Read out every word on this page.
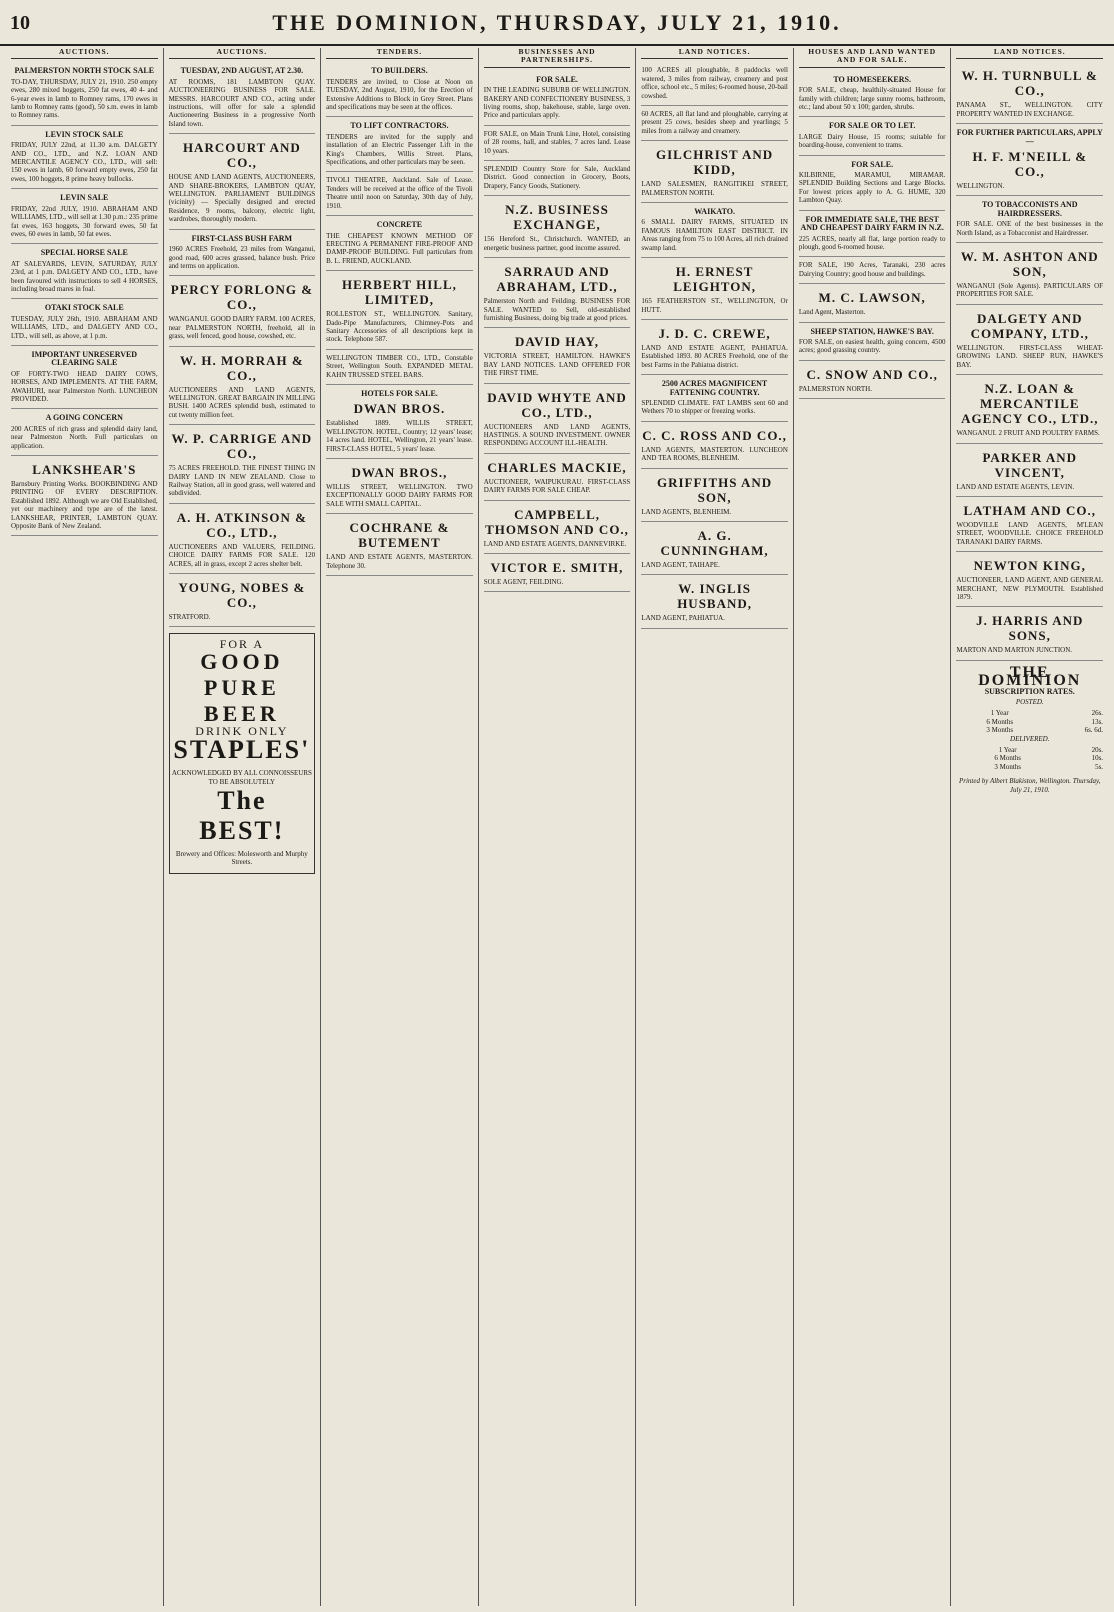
10	THE DOMINION, THURSDAY, JULY 21, 1910.
AUCTIONS.
PALMERSTON NORTH STOCK SALE
TO-DAY, THURSDAY, JULY 21, 1910. 250 empty ewes, 280 mixed hoggets, 250 fat ewes, 40 4- and 6-year ewes in lamb to Romney rams, 170 ewes in lamb to Romney rams (good), 50 s.m. ewes in lamb to Romney rams.
LEVIN STOCK SALE
FRIDAY, JULY 22nd, at 11.30 a.m. DALGETY AND CO., LTD., and N.Z. LOAN AND MERCANTILE AGENCY CO., LTD., will sell: 150 ewes in lamb, 60 forward empty ewes, 250 fat ewes, 100 hoggets, 8 prime heavy bullocks.
LEVIN SALE
FRIDAY, 22nd JULY, 1910. ABRAHAM AND WILLIAMS, LTD., will sell at 1.30 p.m.: 235 prime fat ewes, 163 hoggets, 30 forward ewes, 50 fat ewes, 60 ewes in lamb, 50 fat ewes.
SPECIAL HORSE SALE
AT SALEYARDS, LEVIN, SATURDAY, JULY 23rd, at 1 p.m. DALGETY AND CO., LTD., have been favoured with instructions to sell 4 HORSES, including broad mares in foal.
OTAKI STOCK SALE
TUESDAY, JULY 26th, 1910. ABRAHAM AND WILLIAMS, LTD., and DALGETY AND CO., LTD., will sell, as above, at 1 p.m.
IMPORTANT UNRESERVED CLEARING SALE
OF FORTY-TWO HEAD DAIRY COWS, HORSES, AND IMPLEMENTS. AT THE FARM, AWAHURI, near Palmerston North. LUNCHEON PROVIDED.
A GOING CONCERN
200 ACRES of rich grass and splendid dairy land, near Palmerston North. Full particulars on application.
LANKSHEAR'S
Barnsbury Printing Works. BOOKBINDING AND PRINTING OF EVERY DESCRIPTION. Established 1892. Although we are Old Established, yet our machinery and type are of the latest. LANKSHEAR, PRINTER, LAMBTON QUAY. Opposite Bank of New Zealand.
AUCTIONS.
TUESDAY, 2ND AUGUST, AT 2.30.
AT ROOMS, 181 LAMBTON QUAY. AUCTIONEERING BUSINESS FOR SALE. MESSRS. HARCOURT AND CO., acting under instructions, will offer for sale a splendid Auctioneering Business in a progressive North Island town.
HARCOURT AND CO.,
HOUSE AND LAND AGENTS, AUCTIONEERS, AND SHARE-BROKERS, LAMBTON QUAY, WELLINGTON. PARLIAMENT BUILDINGS (vicinity) — Specially designed and erected Residence, 9 rooms, balcony, electric light, wardrobes, thoroughly modern.
FIRST-CLASS BUSH FARM
1960 ACRES Freehold, 23 miles from Wanganui, good road, 600 acres grassed, balance bush. Price and terms on application.
PERCY FORLONG & CO.,
WANGANUI. GOOD DAIRY FARM. 100 ACRES, near PALMERSTON NORTH, freehold, all in grass, well fenced, good house, cowshed, etc.
W. H. MORRAH & CO.,
AUCTIONEERS AND LAND AGENTS, WELLINGTON. GREAT BARGAIN IN MILLING BUSH. 1400 ACRES splendid bush, estimated to cut twenty million feet.
W. P. CARRIGE AND CO.,
75 ACRES FREEHOLD. THE FINEST THING IN DAIRY LAND IN NEW ZEALAND. Close to Railway Station, all in good grass, well watered and subdivided.
A. H. ATKINSON & CO., LTD.,
AUCTIONEERS AND VALUERS, FEILDING. CHOICE DAIRY FARMS FOR SALE. 120 ACRES, all in grass, except 2 acres shelter belt.
YOUNG, NOBES & CO.,
STRATFORD.
FOR A
GOOD PURE BEER
DRINK ONLY
STAPLES'
ACKNOWLEDGED BY ALL CONNOISSEURS TO BE ABSOLUTELY
The BEST!
Brewery and Offices: Molesworth and Murphy Streets.
TENDERS.
TO BUILDERS.
TENDERS are invited, to Close at Noon on TUESDAY, 2nd August, 1910, for the Erection of Extensive Additions to Block in Grey Street. Plans and specifications may be seen at the offices.
TO LIFT CONTRACTORS.
TENDERS are invited for the supply and installation of an Electric Passenger Lift in the King's Chambers, Willis Street. Plans, Specifications, and other particulars may be seen.
TIVOLI THEATRE, Auckland. Sale of Lease. Tenders will be received at the office of the Tivoli Theatre until noon on Saturday, 30th day of July, 1910.
CONCRETE
THE CHEAPEST KNOWN METHOD OF ERECTING A PERMANENT FIRE-PROOF AND DAMP-PROOF BUILDING. Full particulars from B. L. FRIEND, AUCKLAND.
HERBERT HILL, LIMITED,
ROLLESTON ST., WELLINGTON. Sanitary, Dado-Pipe Manufacturers, Chimney-Pots and Sanitary Accessories of all descriptions kept in stock. Telephone 587.
WELLINGTON TIMBER CO., LTD., Constable Street, Wellington South. EXPANDED METAL KAHN TRUSSED STEEL BARS.
HOTELS FOR SALE.
DWAN BROS.
Established 1889. WILLIS STREET, WELLINGTON. HOTEL, Country; 12 years' lease; 14 acres land. HOTEL, Wellington, 21 years' lease. FIRST-CLASS HOTEL, 5 years' lease.
DWAN BROS.,
WILLIS STREET, WELLINGTON. TWO EXCEPTIONALLY GOOD DAIRY FARMS FOR SALE WITH SMALL CAPITAL.
COCHRANE & BUTEMENT
LAND AND ESTATE AGENTS, MASTERTON. Telephone 30.
BUSINESSES AND PARTNERSHIPS.
FOR SALE.
IN THE LEADING SUBURB OF WELLINGTON. BAKERY AND CONFECTIONERY BUSINESS, 3 living rooms, shop, bakehouse, stable, large oven. Price and particulars apply.
FOR SALE, on Main Trunk Line, Hotel, consisting of 28 rooms, hall, and stables, 7 acres land. Lease 10 years.
SPLENDID Country Store for Sale, Auckland District. Good connection in Grocery, Boots, Drapery, Fancy Goods, Stationery.
N.Z. BUSINESS EXCHANGE,
156 Hereford St., Christchurch. WANTED, an energetic business partner, good income assured.
SARRAUD AND ABRAHAM, LTD.,
Palmerston North and Feilding. BUSINESS FOR SALE. WANTED to Sell, old-established furnishing Business, doing big trade at good prices.
DAVID HAY,
VICTORIA STREET, HAMILTON. HAWKE'S BAY LAND NOTICES. LAND OFFERED FOR THE FIRST TIME.
DAVID WHYTE AND CO., LTD.,
AUCTIONEERS AND LAND AGENTS, HASTINGS. A SOUND INVESTMENT. OWNER RESPONDING ACCOUNT ILL-HEALTH.
CHARLES MACKIE,
AUCTIONEER, WAIPUKURAU. FIRST-CLASS DAIRY FARMS FOR SALE CHEAP.
CAMPBELL, THOMSON AND CO.,
LAND AND ESTATE AGENTS, DANNEVIRKE.
VICTOR E. SMITH,
SOLE AGENT, FEILDING.
LAND NOTICES.
100 ACRES all ploughable, 8 paddocks well watered, 3 miles from railway, creamery and post office, school etc., 5 miles; 6-roomed house, 20-bail cowshed.
60 ACRES, all flat land and ploughable, carrying at present 25 cows, besides sheep and yearlings; 5 miles from a railway and creamery.
GILCHRIST AND KIDD,
LAND SALESMEN, RANGITIKEI STREET, PALMERSTON NORTH.
WAIKATO.
6 SMALL DAIRY FARMS, SITUATED IN FAMOUS HAMILTON EAST DISTRICT. IN Areas ranging from 75 to 100 Acres, all rich drained swamp land.
H. ERNEST LEIGHTON,
165 FEATHERSTON ST., WELLINGTON, Or HUTT.
J. D. C. CREWE,
LAND AND ESTATE AGENT, PAHIATUA. Established 1893. 80 ACRES Freehold, one of the best Farms in the Pahiatua district.
2500 ACRES MAGNIFICENT FATTENING COUNTRY.
SPLENDID CLIMATE. FAT LAMBS sent 60 and Wethers 70 to shipper or freezing works.
C. C. ROSS AND CO.,
LAND AGENTS, MASTERTON. LUNCHEON AND TEA ROOMS, BLENHEIM.
GRIFFITHS AND SON,
LAND AGENTS, BLENHEIM.
A. G. CUNNINGHAM,
LAND AGENT, TAIHAPE.
W. INGLIS HUSBAND,
LAND AGENT, PAHIATUA.
HOUSES AND LAND WANTED AND FOR SALE.
TO HOMESEEKERS.
FOR SALE, cheap, healthily-situated House for family with children; large sunny rooms, bathroom, etc.; land about 50 x 100; garden, shrubs.
FOR SALE OR TO LET.
LARGE Dairy House, 15 rooms; suitable for boarding-house, convenient to trams.
FOR SALE.
KILBIRNIE, MARAMUI, MIRAMAR. SPLENDID Building Sections and Large Blocks. For lowest prices apply to A. G. HUME, 320 Lambton Quay.
FOR IMMEDIATE SALE, THE BEST AND CHEAPEST DAIRY FARM IN N.Z.
225 ACRES, nearly all flat, large portion ready to plough, good 6-roomed house.
FOR SALE, 190 Acres, Taranaki, 230 acres Dairying Country; good house and buildings.
M. C. LAWSON,
Land Agent, Masterton.
SHEEP STATION, HAWKE'S BAY.
FOR SALE, on easiest health, going concern, 4500 acres; good grassing country.
C. SNOW AND CO.,
PALMERSTON NORTH.
LAND NOTICES.
W. H. TURNBULL & CO.,
PANAMA ST., WELLINGTON. CITY PROPERTY WANTED IN EXCHANGE.
FOR FURTHER PARTICULARS, APPLY—
H. F. M'NEILL & CO.,
WELLINGTON.
TO TOBACCONISTS AND HAIRDRESSERS.
FOR SALE. ONE of the best businesses in the North Island, as a Tobacconist and Hairdresser.
W. M. ASHTON AND SON,
WANGANUI (Sole Agents). PARTICULARS OF PROPERTIES FOR SALE.
DALGETY AND COMPANY, LTD.,
WELLINGTON. FIRST-CLASS WHEAT-GROWING LAND. SHEEP RUN, HAWKE'S BAY.
N.Z. LOAN & MERCANTILE AGENCY CO., LTD.,
WANGANUI. 2 FRUIT AND POULTRY FARMS.
PARKER AND VINCENT,
LAND AND ESTATE AGENTS, LEVIN.
LATHAM AND CO.,
WOODVILLE LAND AGENTS, M'LEAN STREET, WOODVILLE. CHOICE FREEHOLD TARANAKI DAIRY FARMS.
NEWTON KING,
AUCTIONEER, LAND AGENT, AND GENERAL MERCHANT, NEW PLYMOUTH. Established 1879.
J. HARRIS AND SONS,
MARTON AND MARTON JUNCTION.
THE DOMINION
SUBSCRIPTION RATES.
POSTED.
1 Year	26s.
6 Months	13s.
3 Months	6s. 6d.
DELIVERED.
1 Year	20s.
6 Months	10s.
3 Months	5s.
Printed by Albert Blakiston, Wellington. Thursday, July 21, 1910.
